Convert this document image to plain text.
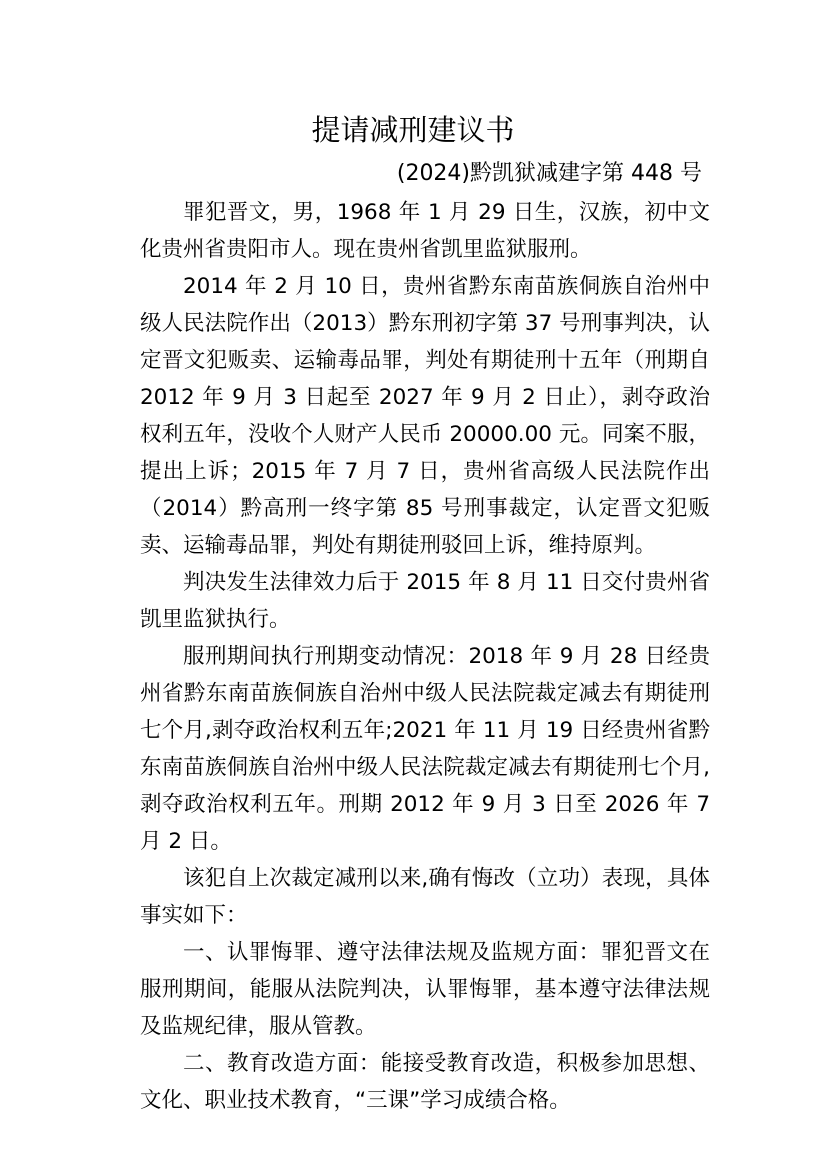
提请减刑建议书
(2024)黔凯狱减建字第 448 号

罪犯晋文，男，1968 年 1 月 29 日生，汉族，初中文化贵州省贵阳市人。现在贵州省凯里监狱服刑。

2014 年 2 月 10 日，贵州省黔东南苗族侗族自治州中级人民法院作出（2013）黔东刑初字第 37 号刑事判决，认定晋文犯贩卖、运输毒品罪，判处有期徒刑十五年（刑期自 2012 年 9 月 3 日起至 2027 年 9 月 2 日止），剥夺政治权利五年，没收个人财产人民币 20000.00 元。同案不服，提出上诉；2015 年 7 月 7 日，贵州省高级人民法院作出（2014）黔高刑一终字第 85 号刑事裁定，认定晋文犯贩卖、运输毒品罪，判处有期徒刑驳回上诉，维持原判。

判决发生法律效力后于 2015 年 8 月 11 日交付贵州省凯里监狱执行。

服刑期间执行刑期变动情况：2018 年 9 月 28 日经贵州省黔东南苗族侗族自治州中级人民法院裁定减去有期徒刑七个月,剥夺政治权利五年;2021 年 11 月 19 日经贵州省黔东南苗族侗族自治州中级人民法院裁定减去有期徒刑七个月,剥夺政治权利五年。刑期 2012 年 9 月 3 日至 2026 年 7 月 2 日。

该犯自上次裁定减刑以来,确有悔改（立功）表现，具体事实如下：

一、认罪悔罪、遵守法律法规及监规方面：罪犯晋文在服刑期间，能服从法院判决，认罪悔罪，基本遵守法律法规及监规纪律，服从管教。

二、教育改造方面：能接受教育改造，积极参加思想、文化、职业技术教育，“三课”学习成绩合格。
